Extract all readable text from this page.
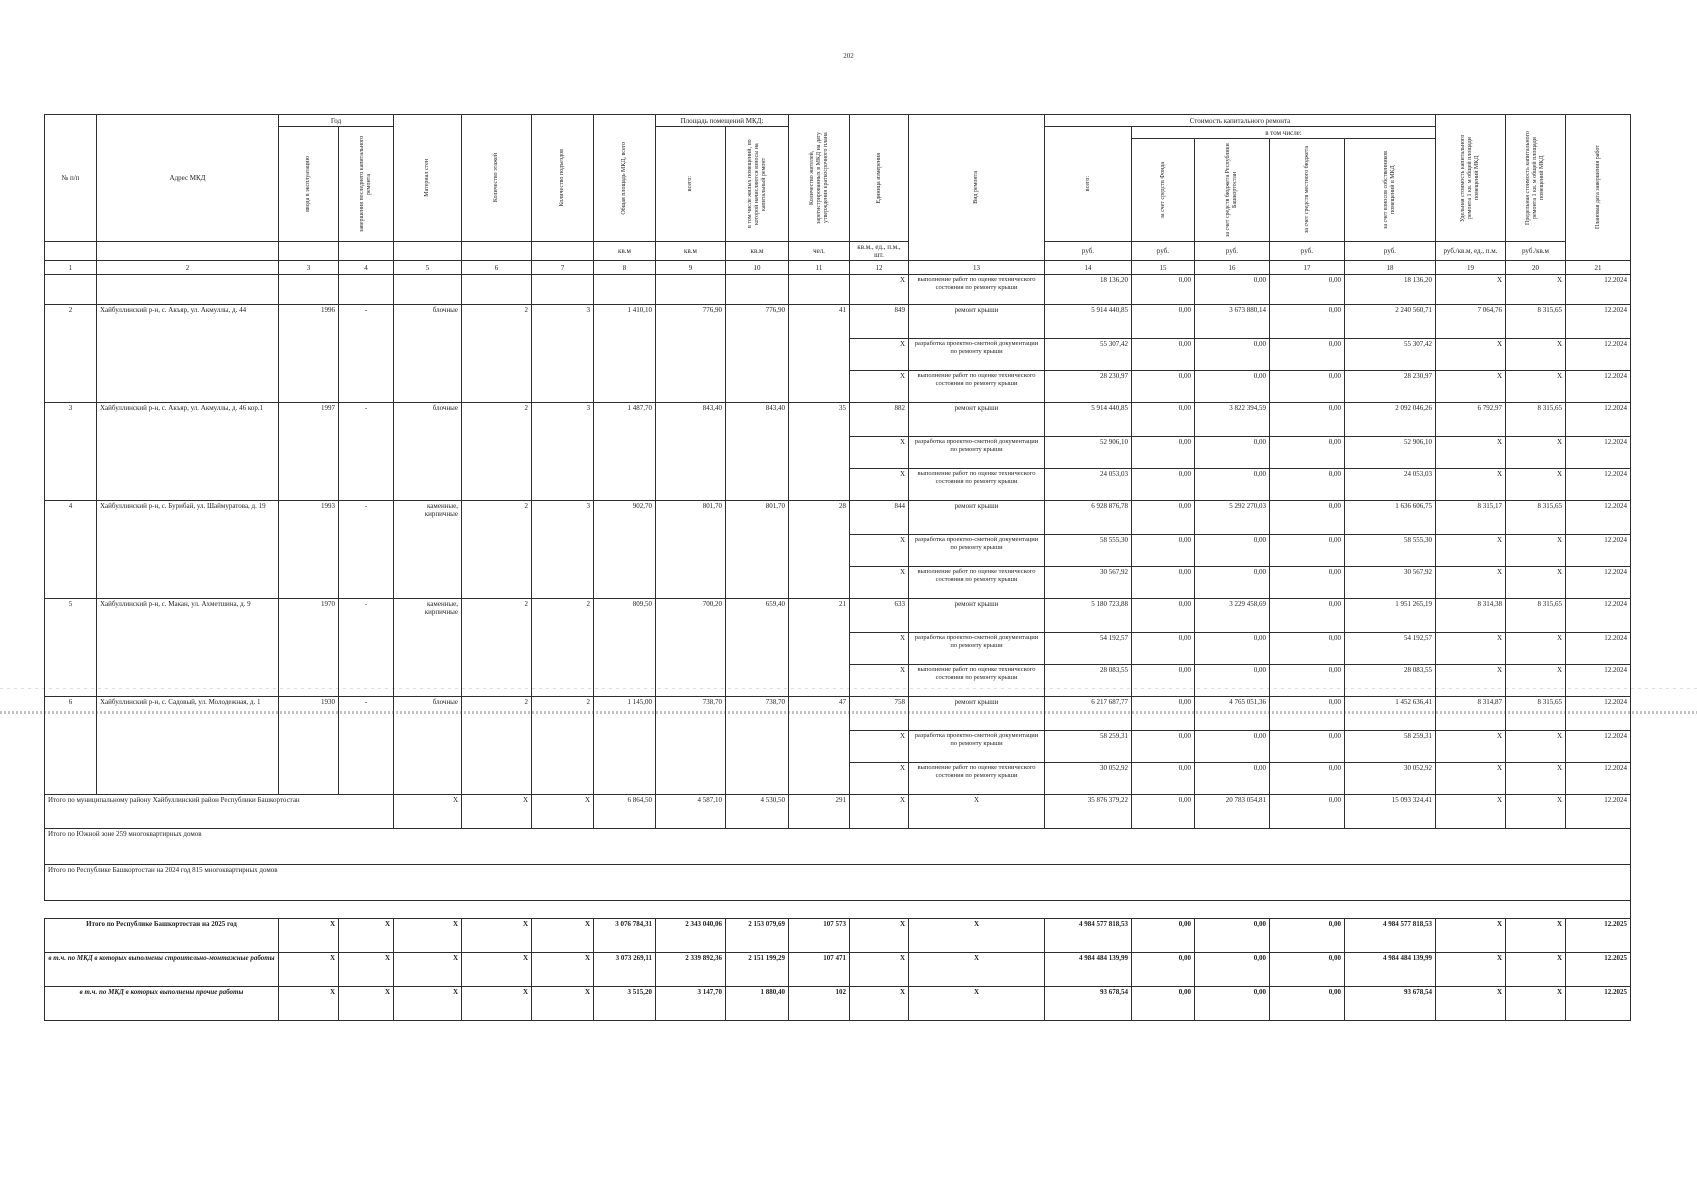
202
№ п/п	Адрес МКД	Год		Материал стен	Количество этажей	Количество подъездов	Общая площадь МКД, всего	Площадь помещений МКД:		Количество жителей, зарегистрированных в МКД на дату утверждения краткосрочного плана	Единица измерения	Вид ремонта	Стоимость капитального ремонта					Удельная стоимость капитального ремонта 1 кв. м общей площади помещений МКД	Предельная стоимость капитального ремонта 1 кв. м общей площади помещений МКД	Плановая дата завершения работ

		ввода в эксплуатацию	завершения последнего капитального ремонта					всего:	в том числе жилых помещений, по которой начисляются взносы на капитальный ремонт				всего:	в том числе:						

														за счет средств Фонда	за счет средств бюджета Республики Башкортостан	за счет средств местного бюджета	за счет взносов собственников помещений в МКД			

							кв.м	кв.м	кв.м	чел.	кв.м., ед., п.м., шт.		руб.	руб.	руб.	руб.	руб.	руб./кв.м, ед., п.м.	руб./кв.м	
1	2	3	4	5	6	7	8	9	10	11	12	13	14	15	16	17	18	19	20	21
											X	выполнение работ по оценке технического состояния по ремонту крыши	18 136,20	0,00	0,00	0,00	18 136,20	X	X	12.2024
2	Хайбуллинский р-н, с. Акъяр, ул. Акмуллы, д. 44	1996	-	блочные	2	3	1 410,10	776,90	776,90	41	849	ремонт крыши	5 914 440,85	0,00	3 673 880,14	0,00	2 240 560,71	7 064,76	8 315,65	12.2024
											X	разработка проектно-сметной документации по ремонту крыши	55 307,42	0,00	0,00	0,00	55 307,42	X	X	12.2024
											X	выполнение работ по оценке технического состояния по ремонту крыши	28 230,97	0,00	0,00	0,00	28 230,97	X	X	12.2024
3	Хайбуллинский р-н, с. Акъяр, ул. Акмуллы, д. 46 кор.1	1997	-	блочные	2	3	1 487,70	843,40	843,40	35	882	ремонт крыши	5 914 440,85	0,00	3 822 394,59	0,00	2 092 046,26	6 792,97	8 315,65	12.2024
											X	разработка проектно-сметной документации по ремонту крыши	52 906,10	0,00	0,00	0,00	52 906,10	X	X	12.2024
											X	выполнение работ по оценке технического состояния по ремонту крыши	24 053,03	0,00	0,00	0,00	24 053,03	X	X	12.2024
4	Хайбуллинский р-н, с. Бурибай, ул. Шаймуратова, д. 19	1993	-	каменные, кирпичные	2	3	902,70	801,70	801,70	28	844	ремонт крыши	6 928 876,78	0,00	5 292 270,03	0,00	1 636 606,75	8 315,17	8 315,65	12.2024
											X	разработка проектно-сметной документации по ремонту крыши	58 555,30	0,00	0,00	0,00	58 555,30	X	X	12.2024
											X	выполнение работ по оценке технического состояния по ремонту крыши	30 567,92	0,00	0,00	0,00	30 567,92	X	X	12.2024
5	Хайбуллинский р-н, с. Макан, ул. Ахметшина, д. 9	1970	-	каменные, кирпичные	2	2	809,50	700,20	659,40	21	633	ремонт крыши	5 180 723,88	0,00	3 229 458,69	0,00	1 951 265,19	8 314,38	8 315,65	12.2024
											X	разработка проектно-сметной документации по ремонту крыши	54 192,57	0,00	0,00	0,00	54 192,57	X	X	12.2024
											X	выполнение работ по оценке технического состояния по ремонту крыши	28 083,55	0,00	0,00	0,00	28 083,55	X	X	12.2024
6	Хайбуллинский р-н, с. Садовый, ул. Молодежная, д. 1	1930	-	блочные	2	2	1 145,00	738,70	738,70	47	758	ремонт крыши	6 217 687,77	0,00	4 765 051,36	0,00	1 452 636,41	8 314,87	8 315,65	12.2024
											X	разработка проектно-сметной документации по ремонту крыши	58 259,31	0,00	0,00	0,00	58 259,31	X	X	12.2024
											X	выполнение работ по оценке технического состояния по ремонту крыши	30 052,92	0,00	0,00	0,00	30 052,92	X	X	12.2024
Итого по муниципальному району Хайбуллинский район Республики Башкортостан				X	X	X	6 864,50	4 587,10	4 530,50	291	X	X	35 876 379,22	0,00	20 783 054,81	0,00	15 093 324,41	X	X	12.2024
Итого по Южной зоне 259 многоквартирных домов																				
Итого по Республике Башкортостан на 2024 год 815 многоквартирных домов																				

Итого по Республике Башкортостан на 2025 год		X	X	X	X	X	3 076 784,31	2 343 040,06	2 153 079,69	107 573	X	X	4 984 577 818,53	0,00	0,00	0,00	4 984 577 818,53	X	X	12.2025
в т.ч. по МКД в которых выполнены строительно-монтажные работы		X	X	X	X	X	3 073 269,11	2 339 892,36	2 151 199,29	107 471	X	X	4 984 484 139,99	0,00	0,00	0,00	4 984 484 139,99	X	X	12.2025
в т.ч. по МКД в которых выполнены прочие работы		X	X	X	X	X	3 515,20	3 147,70	1 880,40	102	X	X	93 678,54	0,00	0,00	0,00	93 678,54	X	X	12.2025
